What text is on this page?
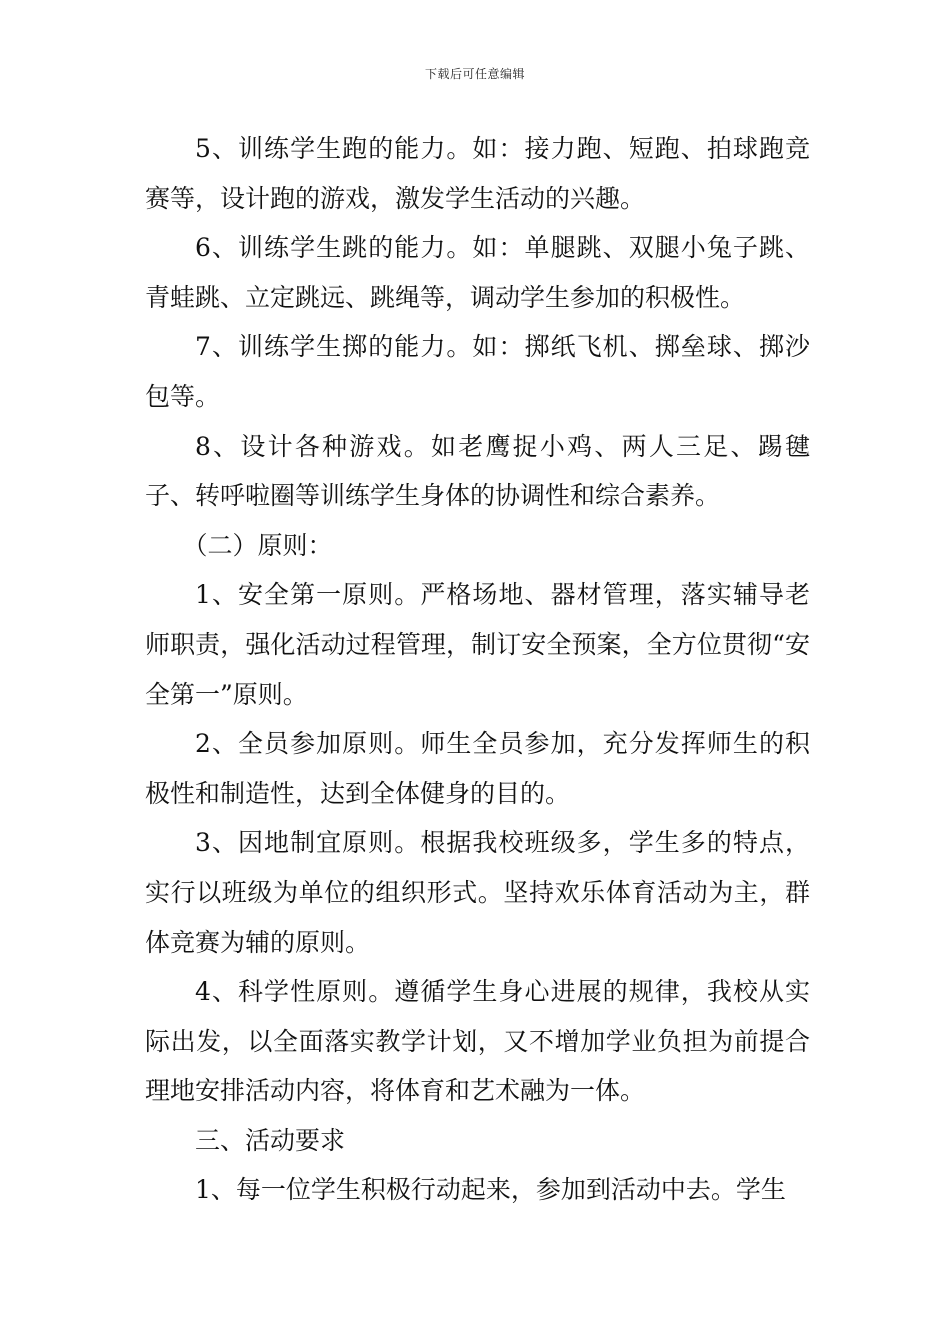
下载后可任意编辑

5、训练学生跑的能力。如：接力跑、短跑、拍球跑竞赛等，设计跑的游戏，激发学生活动的兴趣。

6、训练学生跳的能力。如：单腿跳、双腿小兔子跳、青蛙跳、立定跳远、跳绳等，调动学生参加的积极性。

7、训练学生掷的能力。如：掷纸飞机、掷垒球、掷沙包等。

8、设计各种游戏。如老鹰捉小鸡、两人三足、踢毽子、转呼啦圈等训练学生身体的协调性和综合素养。

（二）原则：

1、安全第一原则。严格场地、器材管理，落实辅导老师职责，强化活动过程管理，制订安全预案，全方位贯彻“安全第一”原则。

2、全员参加原则。师生全员参加，充分发挥师生的积极性和制造性，达到全体健身的目的。

3、因地制宜原则。根据我校班级多，学生多的特点，实行以班级为单位的组织形式。坚持欢乐体育活动为主，群体竞赛为辅的原则。

4、科学性原则。遵循学生身心进展的规律，我校从实际出发，以全面落实教学计划，又不增加学业负担为前提合理地安排活动内容，将体育和艺术融为一体。

三、活动要求

1、每一位学生积极行动起来，参加到活动中去。学生
